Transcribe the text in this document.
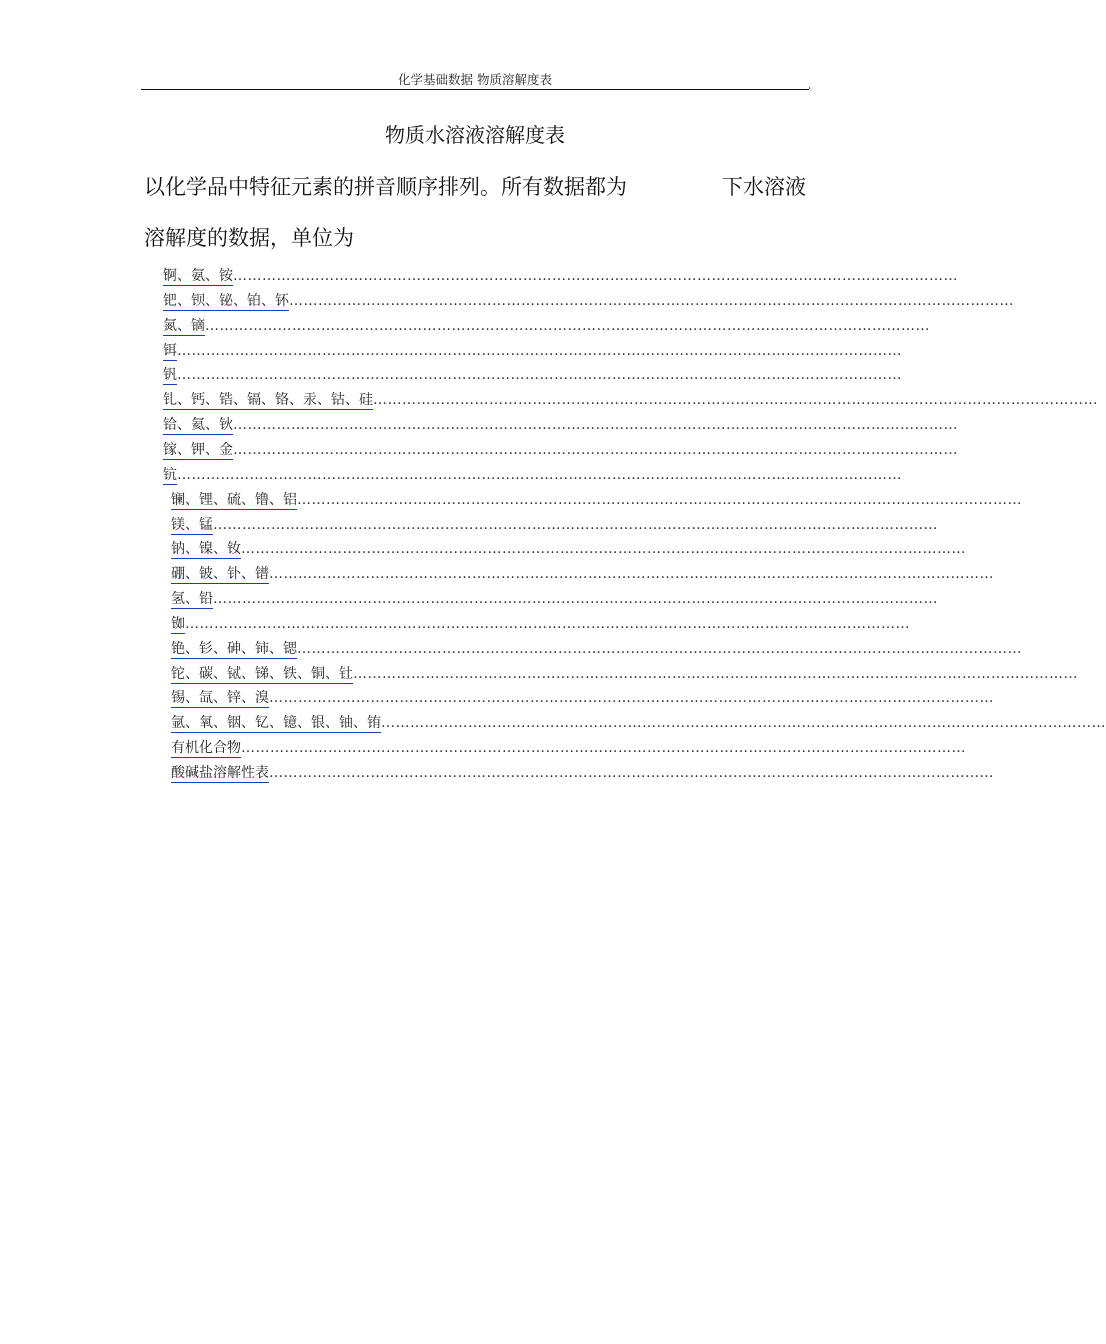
化学基础数据 物质溶解度表	,
物质水溶液溶解度表
以化学品中特征元素的拼音顺序排列。所有数据都为	下水溶液
溶解度的数据，单位为
锕、氨、铵 ……………………………………………………………………………………………………………………………………
钯、钡、铋、铂、钚 ……………………………………………………………………………………………………………………………………
氮、镝 ……………………………………………………………………………………………………………………………………
铒 ……………………………………………………………………………………………………………………………………
钒 ……………………………………………………………………………………………………………………………………
钆、钙、锆、镉、铬、汞、钴、硅 ……………………………………………………………………………………………………………………………………
铪、氦、钬 ……………………………………………………………………………………………………………………………………
镓、钾、金 ……………………………………………………………………………………………………………………………………
钪 ……………………………………………………………………………………………………………………………………
镧、锂、硫、镥、铝 ……………………………………………………………………………………………………………………………………
镁、锰 ……………………………………………………………………………………………………………………………………
钠、镍、钕 ……………………………………………………………………………………………………………………………………
硼、铍、钋、镨 ……………………………………………………………………………………………………………………………………
氢、铅 ……………………………………………………………………………………………………………………………………
铷 ……………………………………………………………………………………………………………………………………
铯、钐、砷、铈、锶 ……………………………………………………………………………………………………………………………………
铊、碳、铽、锑、铁、铜、钍 ……………………………………………………………………………………………………………………………………
锡、氙、锌、溴 ……………………………………………………………………………………………………………………………………
氩、氧、铟、钇、镱、银、铀、铕 ……………………………………………………………………………………………………………………………………
有机化合物 ……………………………………………………………………………………………………………………………………
酸碱盐溶解性表 ……………………………………………………………………………………………………………………………………
